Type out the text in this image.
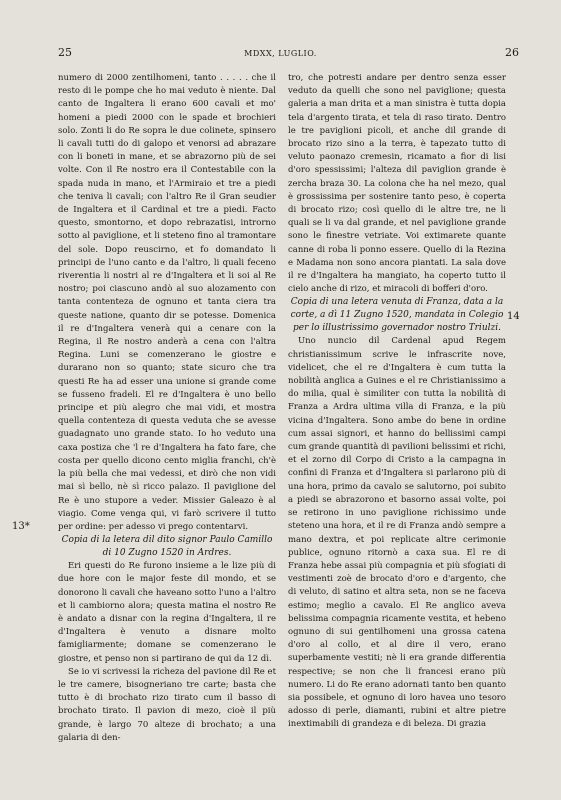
25	MDXX, LUGLIO.	26
13*
14

numero di 2000 zentilhomeni, tanto . . . . . che il resto di le pompe che ho mai veduto è niente. Dal canto de Ingaltera li erano 600 cavali et mo' homeni a piedi 2000 con le spade et brochieri solo. Zonti li do Re sopra le due colinete, spinsero li cavali tutti do di galopo et venorsi ad abrazare con li boneti in mane, et se abrazorno più de sei volte. Con il Re nostro era il Contestabile con la spada nuda in mano, et l'Armiraio et tre a piedi che teniva li cavali; con l'altro Re il Gran seudier de Ingaltera et il Cardinal et tre a piedi. Facto questo, smontorno, et dopo rebrazatisi, introrno sotto al paviglione, et li steteno fino al tramontare del sole. Dopo reuscirno, et fo domandato li principi de l'uno canto e da l'altro, li quali feceno riverentia li nostri al re d'Ingaltera et li soi al Re nostro; poi ciascuno andò al suo alozamento con tanta contenteza de ognuno et tanta ciera tra queste natione, quanto dir se potesse. Domenica il re d'Ingaltera venerà qui a cenare con la Regina, il Re nostro anderà a cena con l'altra Regina. Luni se comenzerano le giostre e durarano non so quanto; state sicuro che tra questi Re ha ad esser una unione si grande come se fusseno fradeli. El re d'Ingaltera è uno bello principe et più alegro che mai vidi, et mostra quella contenteza di questa veduta che se avesse guadagnato uno grande stato. Io ho veduto una caxa postiza che 'l re d'Ingaltera ha fato fare, che costa per quello dicono cento miglia franchi, ch'è la più bella che mai vedessi, et dirò che non vidi mai sì bello, nè sì ricco palazo. Il paviglione del Re è uno stupore a veder. Missier Galeazo è al viagio. Come venga qui, vi farò scrivere il tutto per ordine: per adesso vi prego contentarvi.

Copia di la letera dil dito signor Paulo Camillo di 10 Zugno 1520 in Ardres.

Eri questi do Re furono insieme a le lize più di due hore con le major feste dil mondo, et se donorono li cavali che haveano sotto l'uno a l'altro et li cambiorno alora; questa matina el nostro Re è andato a disnar con la regina d'Ingaltera, il re d'Ingaltera è venuto a disnare molto famigliarmente; domane se comenzerano le giostre, et penso non si partirano de qui da 12 dì.

Se io vi scrivessi la richeza del pavione dil Re et le tre camere, bisogneriano tre carte; basta che tutto è di brochato rizo tirato cum il basso di brochato tirato. Il pavion di mezo, cioè il più grande, è largo 70 alteze di brochato; a una galaria di den-

tro, che potresti andare per dentro senza esser veduto da quelli che sono nel paviglione; questa galeria a man drita et a man sinistra è tutta dopia tela d'argento tirata, et tela di raso tirato. Dentro le tre paviglioni picoli, et anche dil grande di brocato rizo sino a la terra, è tapezato tutto di veluto paonazo cremesin, ricamato a fior di lisi d'oro spessissimi; l'alteza dil paviglion grande è zercha braza 30. La colona che ha nel mezo, qual è grossissima per sostenire tanto peso, è coperta di brocato rizo; così quello di le altre tre, ne li quali se li va dal grande, et nel paviglione grande sono le finestre vetriate. Voi extimarete quante canne di roba li ponno essere. Quello di la Rezina e Madama non sono ancora piantati. La sala dove il re d'Ingaltera ha mangiato, ha coperto tutto il cielo anche di rizo, et miracoli di bofferi d'oro.

Copia di una letera venuta di Franza, data a la corte, a dì 11 Zugno 1520, mandata in Colegio per lo illustrissimo governador nostro Triulzi.

Uno nuncio dil Cardenal apud Regem christianissimum scrive le infrascrite nove, videlicet, che el re d'Ingaltera è cum tutta la nobilità anglica a Guines e el re Christianissimo a do milia, qual è similiter con tutta la nobilità di Franza a Ardra ultima villa di Franza, e la più vicina d'Ingaltera. Sono ambe do bene in ordine cum assai signori, et hanno do bellissimi campi cum grande quantità di pavilioni belissimi et richi, et el zorno dil Corpo di Cristo a la campagna in confini di Franza et d'Ingaltera si parlarono più di una hora, primo da cavalo se salutorno, poi subito a piedi se abrazorono et basorno assai volte, poi se retirono in uno paviglione richissimo unde steteno una hora, et il re di Franza andò sempre a mano dextra, et poi replicate altre cerimonie publice, ognuno ritornò a caxa sua. El re di Franza hebe assai più compagnia et più sfogiati di vestimenti zoè de brocato d'oro e d'argento, che di veluto, di satino et altra seta, non se ne faceva estimo; meglio a cavalo. El Re anglico aveva belissima compagnia ricamente vestita, et hebeno ognuno di sui gentilhomeni una grossa catena d'oro al collo, et al dire il vero, erano superbamente vestiti; nè li era grande differentia respective; se non che li francesi erano più numero. Li do Re erano adornati tanto ben quanto sia possibele, et ognuno di loro havea uno tesoro adosso di perle, diamanti, rubini et altre pietre inextimabili di grandeza e di beleza. Di grazia
